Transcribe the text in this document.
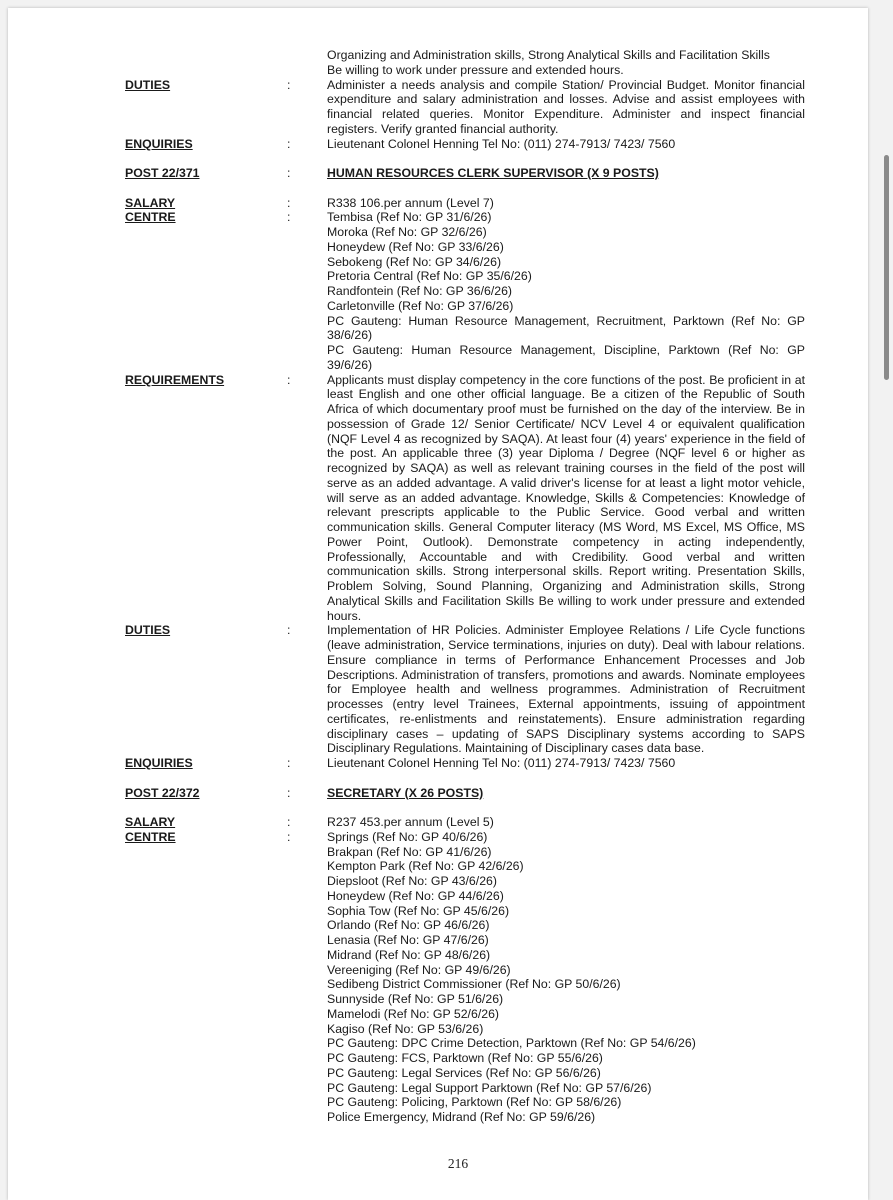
Organizing and Administration skills, Strong Analytical Skills and Facilitation Skills
Be willing to work under pressure and extended hours.
DUTIES	:	Administer a needs analysis and compile Station/ Provincial Budget. Monitor financial expenditure and salary administration and losses. Advise and assist employees with financial related queries. Monitor Expenditure. Administer and inspect financial registers. Verify granted financial authority.
ENQUIRIES	:	Lieutenant Colonel Henning Tel No: (011) 274-7913/ 7423/ 7560
POST 22/371	:	HUMAN RESOURCES CLERK SUPERVISOR (X 9 POSTS)
SALARY	:	R338 106.per annum (Level 7)
CENTRE	:	Tembisa (Ref No: GP 31/6/26)
Moroka (Ref No: GP 32/6/26)
Honeydew (Ref No: GP 33/6/26)
Sebokeng (Ref No: GP 34/6/26)
Pretoria Central (Ref No: GP 35/6/26)
Randfontein (Ref No: GP 36/6/26)
Carletonville (Ref No: GP 37/6/26)
PC Gauteng: Human Resource Management, Recruitment, Parktown (Ref No: GP 38/6/26)
PC Gauteng: Human Resource Management, Discipline, Parktown (Ref No: GP 39/6/26)
REQUIREMENTS	:	Applicants must display competency in the core functions of the post. Be proficient in at least English and one other official language. Be a citizen of the Republic of South Africa of which documentary proof must be furnished on the day of the interview. Be in possession of Grade 12/ Senior Certificate/ NCV Level 4 or equivalent qualification (NQF Level 4 as recognized by SAQA). At least four (4) years' experience in the field of the post. An applicable three (3) year Diploma / Degree (NQF level 6 or higher as recognized by SAQA) as well as relevant training courses in the field of the post will serve as an added advantage. A valid driver's license for at least a light motor vehicle, will serve as an added advantage. Knowledge, Skills & Competencies: Knowledge of relevant prescripts applicable to the Public Service. Good verbal and written communication skills. General Computer literacy (MS Word, MS Excel, MS Office, MS Power Point, Outlook). Demonstrate competency in acting independently, Professionally, Accountable and with Credibility. Good verbal and written communication skills. Strong interpersonal skills. Report writing. Presentation Skills, Problem Solving, Sound Planning, Organizing and Administration skills, Strong Analytical Skills and Facilitation Skills Be willing to work under pressure and extended hours.
DUTIES	:	Implementation of HR Policies. Administer Employee Relations / Life Cycle functions (leave administration, Service terminations, injuries on duty). Deal with labour relations. Ensure compliance in terms of Performance Enhancement Processes and Job Descriptions. Administration of transfers, promotions and awards. Nominate employees for Employee health and wellness programmes. Administration of Recruitment processes (entry level Trainees, External appointments, issuing of appointment certificates, re-enlistments and reinstatements). Ensure administration regarding disciplinary cases – updating of SAPS Disciplinary systems according to SAPS Disciplinary Regulations. Maintaining of Disciplinary cases data base.
ENQUIRIES	:	Lieutenant Colonel Henning Tel No: (011) 274-7913/ 7423/ 7560
POST 22/372	:	SECRETARY (X 26 POSTS)
SALARY	:	R237 453.per annum (Level 5)
CENTRE	:	Springs (Ref No: GP 40/6/26)
Brakpan (Ref No: GP 41/6/26)
Kempton Park (Ref No: GP 42/6/26)
Diepsloot (Ref No: GP 43/6/26)
Honeydew (Ref No: GP 44/6/26)
Sophia Tow (Ref No: GP 45/6/26)
Orlando (Ref No: GP 46/6/26)
Lenasia (Ref No: GP 47/6/26)
Midrand (Ref No: GP 48/6/26)
Vereeniging (Ref No: GP 49/6/26)
Sedibeng District Commissioner (Ref No: GP 50/6/26)
Sunnyside (Ref No: GP 51/6/26)
Mamelodi (Ref No: GP 52/6/26)
Kagiso (Ref No: GP 53/6/26)
PC Gauteng: DPC Crime Detection, Parktown (Ref No: GP 54/6/26)
PC Gauteng: FCS, Parktown (Ref No: GP 55/6/26)
PC Gauteng: Legal Services (Ref No: GP 56/6/26)
PC Gauteng: Legal Support Parktown (Ref No: GP 57/6/26)
PC Gauteng: Policing, Parktown (Ref No: GP 58/6/26)
Police Emergency, Midrand (Ref No: GP 59/6/26)
216
